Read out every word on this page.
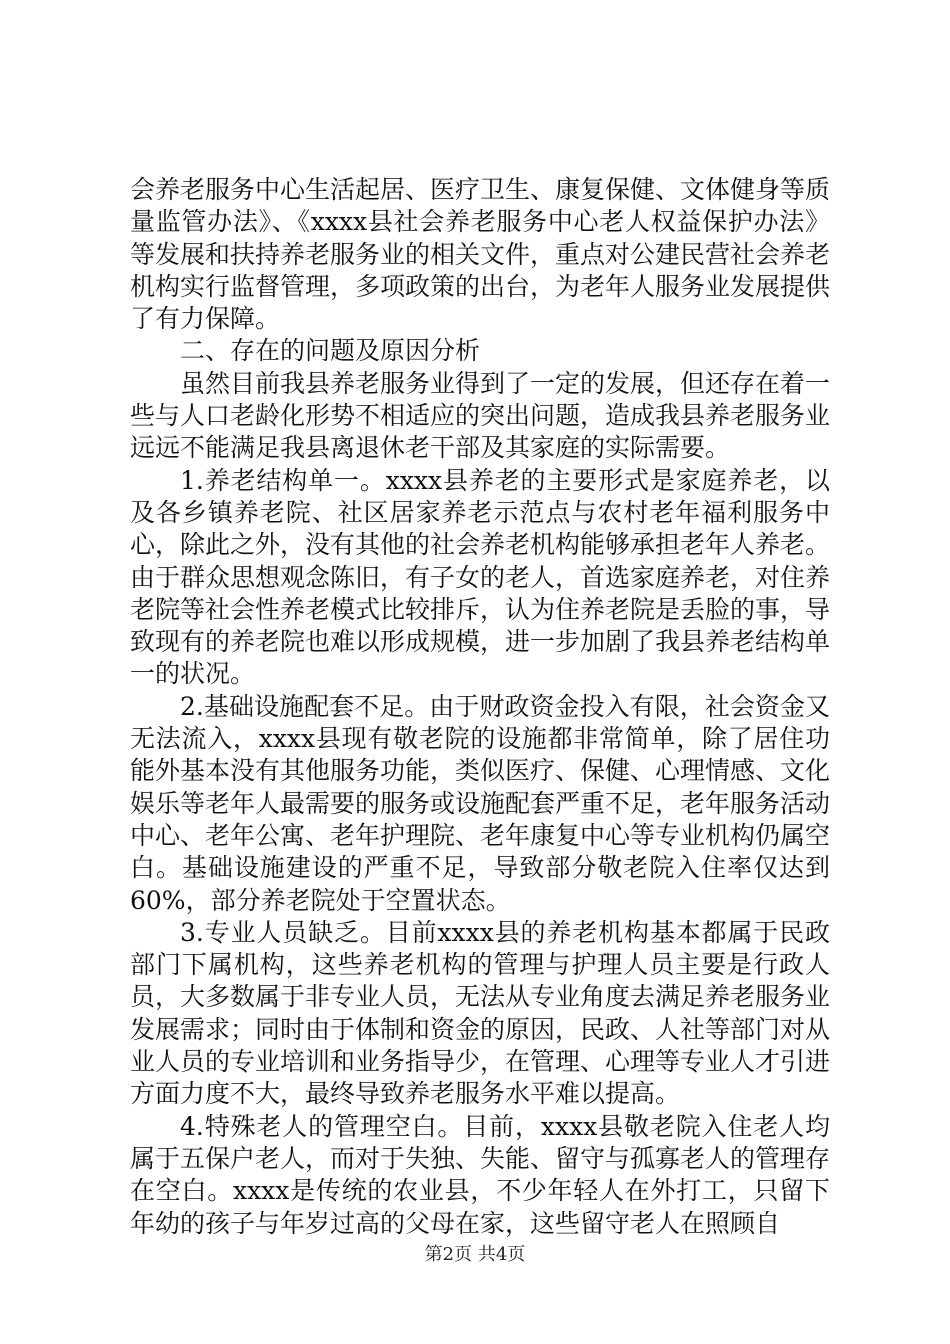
会养老服务中心生活起居、医疗卫生、康复保健、文体健身等质量监管办法》、《xxxx县社会养老服务中心老人权益保护办法》等发展和扶持养老服务业的相关文件，重点对公建民营社会养老机构实行监督管理，多项政策的出台，为老年人服务业发展提供了有力保障。

二、存在的问题及原因分析

虽然目前我县养老服务业得到了一定的发展，但还存在着一些与人口老龄化形势不相适应的突出问题，造成我县养老服务业远远不能满足我县离退休老干部及其家庭的实际需要。

1.养老结构单一。xxxx县养老的主要形式是家庭养老，以及各乡镇养老院、社区居家养老示范点与农村老年福利服务中心，除此之外，没有其他的社会养老机构能够承担老年人养老。由于群众思想观念陈旧，有子女的老人，首选家庭养老，对住养老院等社会性养老模式比较排斥，认为住养老院是丢脸的事，导致现有的养老院也难以形成规模，进一步加剧了我县养老结构单一的状况。

2.基础设施配套不足。由于财政资金投入有限，社会资金又无法流入，xxxx县现有敬老院的设施都非常简单，除了居住功能外基本没有其他服务功能，类似医疗、保健、心理情感、文化娱乐等老年人最需要的服务或设施配套严重不足，老年服务活动中心、老年公寓、老年护理院、老年康复中心等专业机构仍属空白。基础设施建设的严重不足，导致部分敬老院入住率仅达到60%，部分养老院处于空置状态。

3.专业人员缺乏。目前xxxx县的养老机构基本都属于民政部门下属机构，这些养老机构的管理与护理人员主要是行政人员，大多数属于非专业人员，无法从专业角度去满足养老服务业发展需求；同时由于体制和资金的原因，民政、人社等部门对从业人员的专业培训和业务指导少，在管理、心理等专业人才引进方面力度不大，最终导致养老服务水平难以提高。

4.特殊老人的管理空白。目前，xxxx县敬老院入住老人均属于五保户老人，而对于失独、失能、留守与孤寡老人的管理存在空白。xxxx是传统的农业县，不少年轻人在外打工，只留下年幼的孩子与年岁过高的父母在家，这些留守老人在照顾自

第2页 共4页
